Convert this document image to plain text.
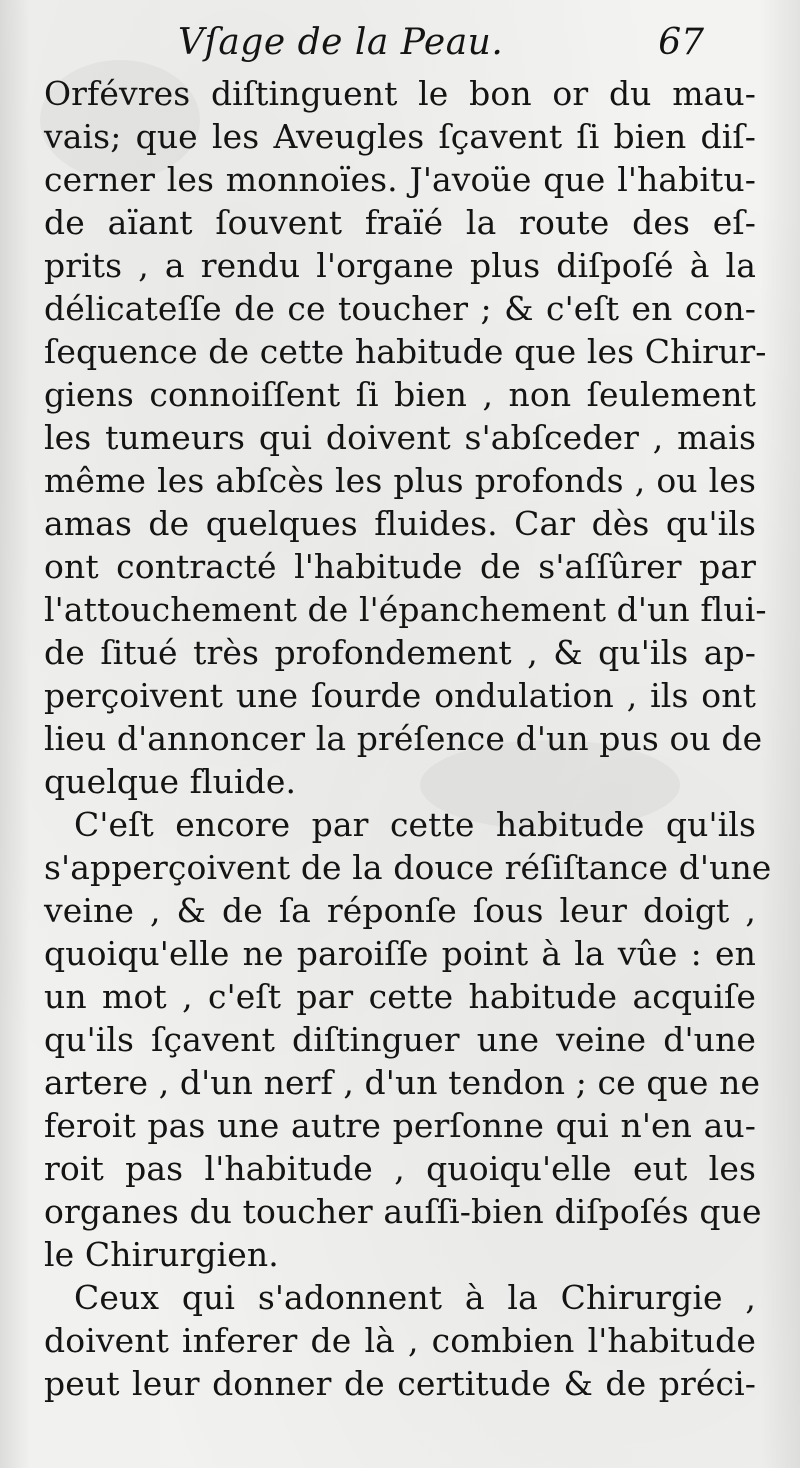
Vſage de la Peau.	67
Orfévres diſtinguent le bon or du mau-
vais; que les Aveugles ſçavent ſi bien diſ-
cerner les monnoïes. J'avoüe que l'habitu-
de aïant ſouvent fraïé la route des eſ-
prits , a rendu l'organe plus diſpoſé à la
délicateſſe de ce toucher ; & c'eſt en con-
ſequence de cette habitude que les Chirur-
giens connoiſſent ſi bien , non ſeulement
les tumeurs qui doivent s'abſceder , mais
même les abſcès les plus profonds , ou les
amas de quelques fluides. Car dès qu'ils
ont contracté l'habitude de s'aſſûrer par
l'attouchement de l'épanchement d'un flui-
de ſitué très profondement , & qu'ils ap-
perçoivent une ſourde ondulation , ils ont
lieu d'annoncer la préſence d'un pus ou de
quelque fluide.
C'eſt encore par cette habitude qu'ils
s'apperçoivent de la douce réſiſtance d'une
veine , & de ſa réponſe ſous leur doigt ,
quoiqu'elle ne paroiſſe point à la vûe : en
un mot , c'eſt par cette habitude acquiſe
qu'ils ſçavent diſtinguer une veine d'une
artere , d'un nerf , d'un tendon ; ce que ne
feroit pas une autre perſonne qui n'en au-
roit pas l'habitude , quoiqu'elle eut les
organes du toucher auſſi-bien diſpoſés que
le Chirurgien.
Ceux qui s'adonnent à la Chirurgie ,
doivent inferer de là , combien l'habitude
peut leur donner de certitude & de préci-
